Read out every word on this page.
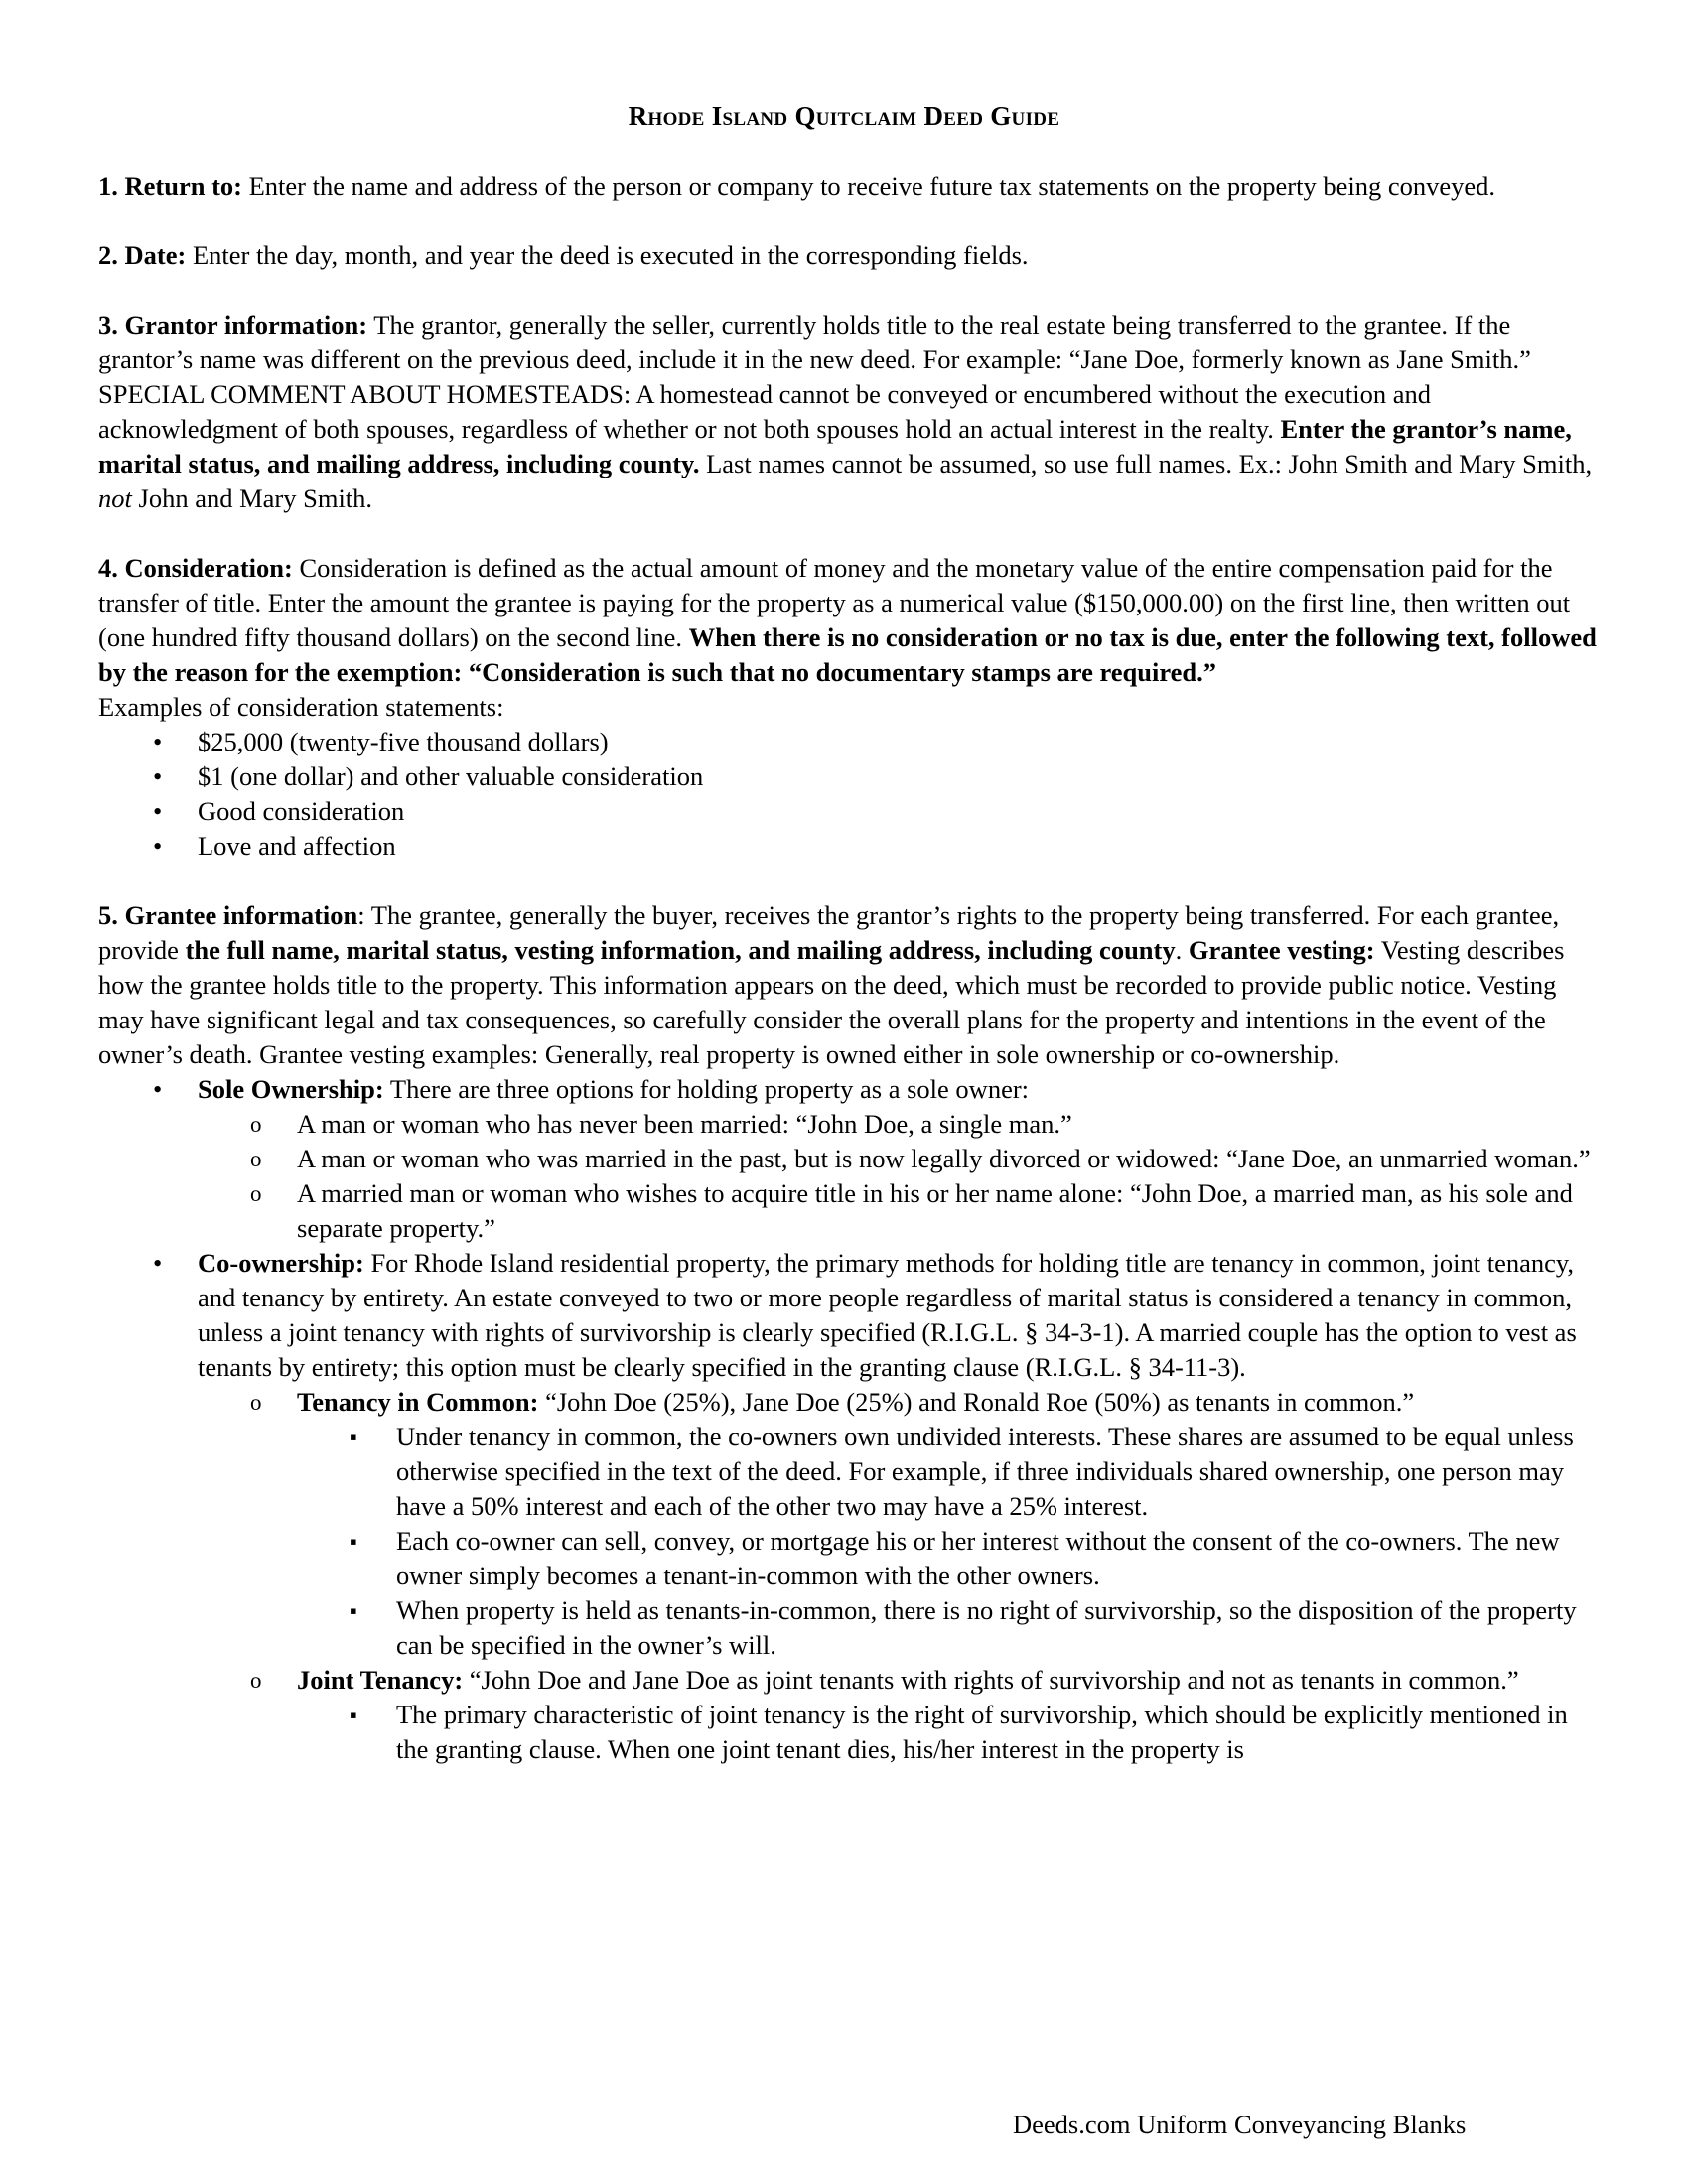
Rhode Island Quitclaim Deed Guide

1. Return to: Enter the name and address of the person or company to receive future tax statements on the property being conveyed.

2. Date: Enter the day, month, and year the deed is executed in the corresponding fields.

3. Grantor information: The grantor, generally the seller, currently holds title to the real estate being transferred to the grantee. If the grantor’s name was different on the previous deed, include it in the new deed. For example: “Jane Doe, formerly known as Jane Smith.” SPECIAL COMMENT ABOUT HOMESTEADS: A homestead cannot be conveyed or encumbered without the execution and acknowledgment of both spouses, regardless of whether or not both spouses hold an actual interest in the realty. Enter the grantor’s name, marital status, and mailing address, including county. Last names cannot be assumed, so use full names. Ex.: John Smith and Mary Smith, not John and Mary Smith.

4. Consideration: Consideration is defined as the actual amount of money and the monetary value of the entire compensation paid for the transfer of title. Enter the amount the grantee is paying for the property as a numerical value ($150,000.00) on the first line, then written out (one hundred fifty thousand dollars) on the second line. When there is no consideration or no tax is due, enter the following text, followed by the reason for the exemption: “Consideration is such that no documentary stamps are required.”

Examples of consideration statements:

• $25,000 (twenty-five thousand dollars)

• $1 (one dollar) and other valuable consideration

• Good consideration

• Love and affection

5. Grantee information: The grantee, generally the buyer, receives the grantor’s rights to the property being transferred. For each grantee, provide the full name, marital status, vesting information, and mailing address, including county. Grantee vesting: Vesting describes how the grantee holds title to the property. This information appears on the deed, which must be recorded to provide public notice. Vesting may have significant legal and tax consequences, so carefully consider the overall plans for the property and intentions in the event of the owner’s death. Grantee vesting examples: Generally, real property is owned either in sole ownership or co-ownership.

• Sole Ownership: There are three options for holding property as a sole owner:

o A man or woman who has never been married: “John Doe, a single man.”

o A man or woman who was married in the past, but is now legally divorced or widowed: “Jane Doe, an unmarried woman.”

o A married man or woman who wishes to acquire title in his or her name alone: “John Doe, a married man, as his sole and separate property.”

• Co-ownership: For Rhode Island residential property, the primary methods for holding title are tenancy in common, joint tenancy, and tenancy by entirety. An estate conveyed to two or more people regardless of marital status is considered a tenancy in common, unless a joint tenancy with rights of survivorship is clearly specified (R.I.G.L. § 34-3-1). A married couple has the option to vest as tenants by entirety; this option must be clearly specified in the granting clause (R.I.G.L. § 34-11-3).

o Tenancy in Common: “John Doe (25%), Jane Doe (25%) and Ronald Roe (50%) as tenants in common.”

▪ Under tenancy in common, the co-owners own undivided interests. These shares are assumed to be equal unless otherwise specified in the text of the deed. For example, if three individuals shared ownership, one person may have a 50% interest and each of the other two may have a 25% interest.

▪ Each co-owner can sell, convey, or mortgage his or her interest without the consent of the co-owners. The new owner simply becomes a tenant-in-common with the other owners.

▪ When property is held as tenants-in-common, there is no right of survivorship, so the disposition of the property can be specified in the owner’s will.

o Joint Tenancy: “John Doe and Jane Doe as joint tenants with rights of survivorship and not as tenants in common.”

▪ The primary characteristic of joint tenancy is the right of survivorship, which should be explicitly mentioned in the granting clause. When one joint tenant dies, his/her interest in the property is

Deeds.com Uniform Conveyancing Blanks
